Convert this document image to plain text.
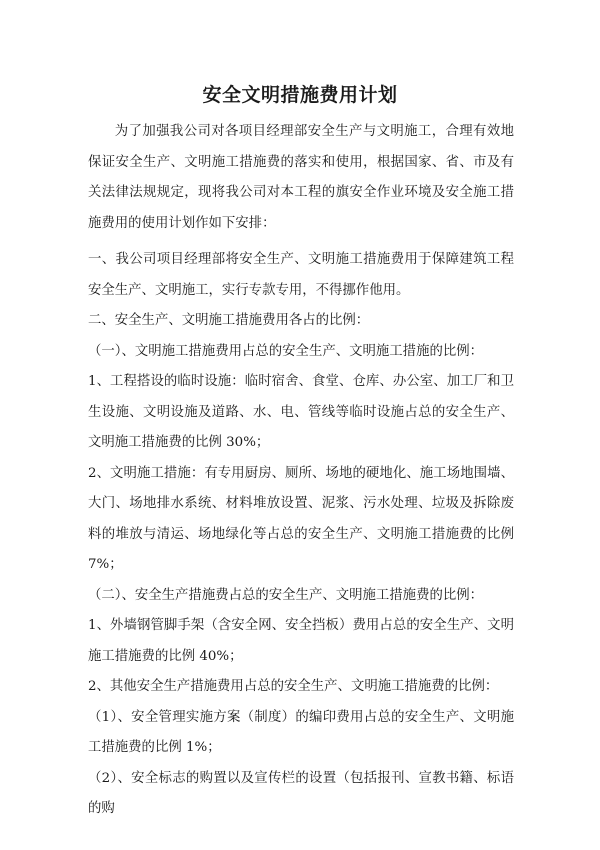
安全文明措施费用计划

为了加强我公司对各项目经理部安全生产与文明施工，合理有效地保证安全生产、文明施工措施费的落实和使用，根据国家、省、市及有关法律法规规定，现将我公司对本工程的旗安全作业环境及安全施工措施费用的使用计划作如下安排：

一、我公司项目经理部将安全生产、文明施工措施费用于保障建筑工程安全生产、文明施工，实行专款专用，不得挪作他用。

二、安全生产、文明施工措施费用各占的比例：

（一）、文明施工措施费用占总的安全生产、文明施工措施的比例：

1、工程搭设的临时设施：临时宿舍、食堂、仓库、办公室、加工厂和卫生设施、文明设施及道路、水、电、管线等临时设施占总的安全生产、文明施工措施费的比例 30%；

2、文明施工措施：有专用厨房、厕所、场地的硬地化、施工场地围墙、大门、场地排水系统、材料堆放设置、泥浆、污水处理、垃圾及拆除废料的堆放与清运、场地绿化等占总的安全生产、文明施工措施费的比例 7%；

（二）、安全生产措施费占总的安全生产、文明施工措施费的比例：

1、外墙钢管脚手架（含安全网、安全挡板）费用占总的安全生产、文明施工措施费的比例 40%；

2、其他安全生产措施费用占总的安全生产、文明施工措施费的比例：

（1）、安全管理实施方案（制度）的编印费用占总的安全生产、文明施工措施费的比例 1%；

（2）、安全标志的购置以及宣传栏的设置（包括报刊、宣教书籍、标语的购
